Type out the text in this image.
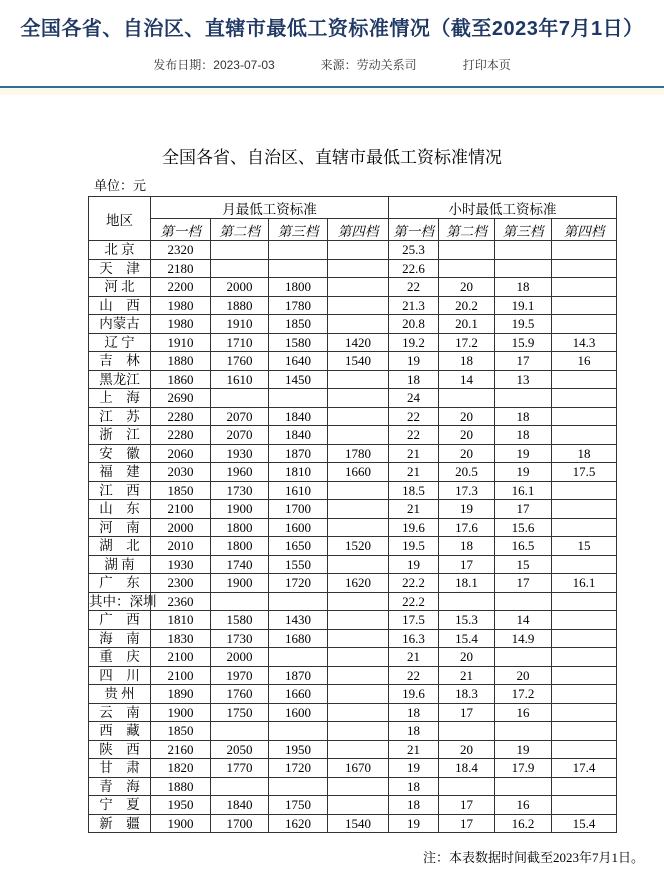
全国各省、自治区、直辖市最低工资标准情况（截至2023年7月1日）
发布日期：2023-07-03	来源：劳动关系司	打印本页
全国各省、自治区、直辖市最低工资标准情况
单位：元
地区	月最低工资标准				小时最低工资标准			
	第一档	第二档	第三档	第四档	第一档	第二档	第三档	第四档
北 京	2320				25.3			
天　津	2180				22.6			
河 北	2200	2000	1800		22	20	18	
山　西	1980	1880	1780		21.3	20.2	19.1	
内蒙古	1980	1910	1850		20.8	20.1	19.5	
辽 宁	1910	1710	1580	1420	19.2	17.2	15.9	14.3
吉　林	1880	1760	1640	1540	19	18	17	16
黑龙江	1860	1610	1450		18	14	13	
上　海	2690				24			
江　苏	2280	2070	1840		22	20	18	
浙　江	2280	2070	1840		22	20	18	
安　徽	2060	1930	1870	1780	21	20	19	18
福　建	2030	1960	1810	1660	21	20.5	19	17.5
江　西	1850	1730	1610		18.5	17.3	16.1	
山　东	2100	1900	1700		21	19	17	
河　南	2000	1800	1600		19.6	17.6	15.6	
湖　北	2010	1800	1650	1520	19.5	18	16.5	15
湖 南	1930	1740	1550		19	17	15	
广　东	2300	1900	1720	1620	22.2	18.1	17	16.1
其中：深圳	2360				22.2			
广　西	1810	1580	1430		17.5	15.3	14	
海　南	1830	1730	1680		16.3	15.4	14.9	
重　庆	2100	2000			21	20		
四　川	2100	1970	1870		22	21	20	
贵 州	1890	1760	1660		19.6	18.3	17.2	
云　南	1900	1750	1600		18	17	16	
西　藏	1850				18			
陕　西	2160	2050	1950		21	20	19	
甘　肃	1820	1770	1720	1670	19	18.4	17.9	17.4
青　海	1880				18			
宁　夏	1950	1840	1750		18	17	16	
新　疆	1900	1700	1620	1540	19	17	16.2	15.4
注：本表数据时间截至2023年7月1日。
